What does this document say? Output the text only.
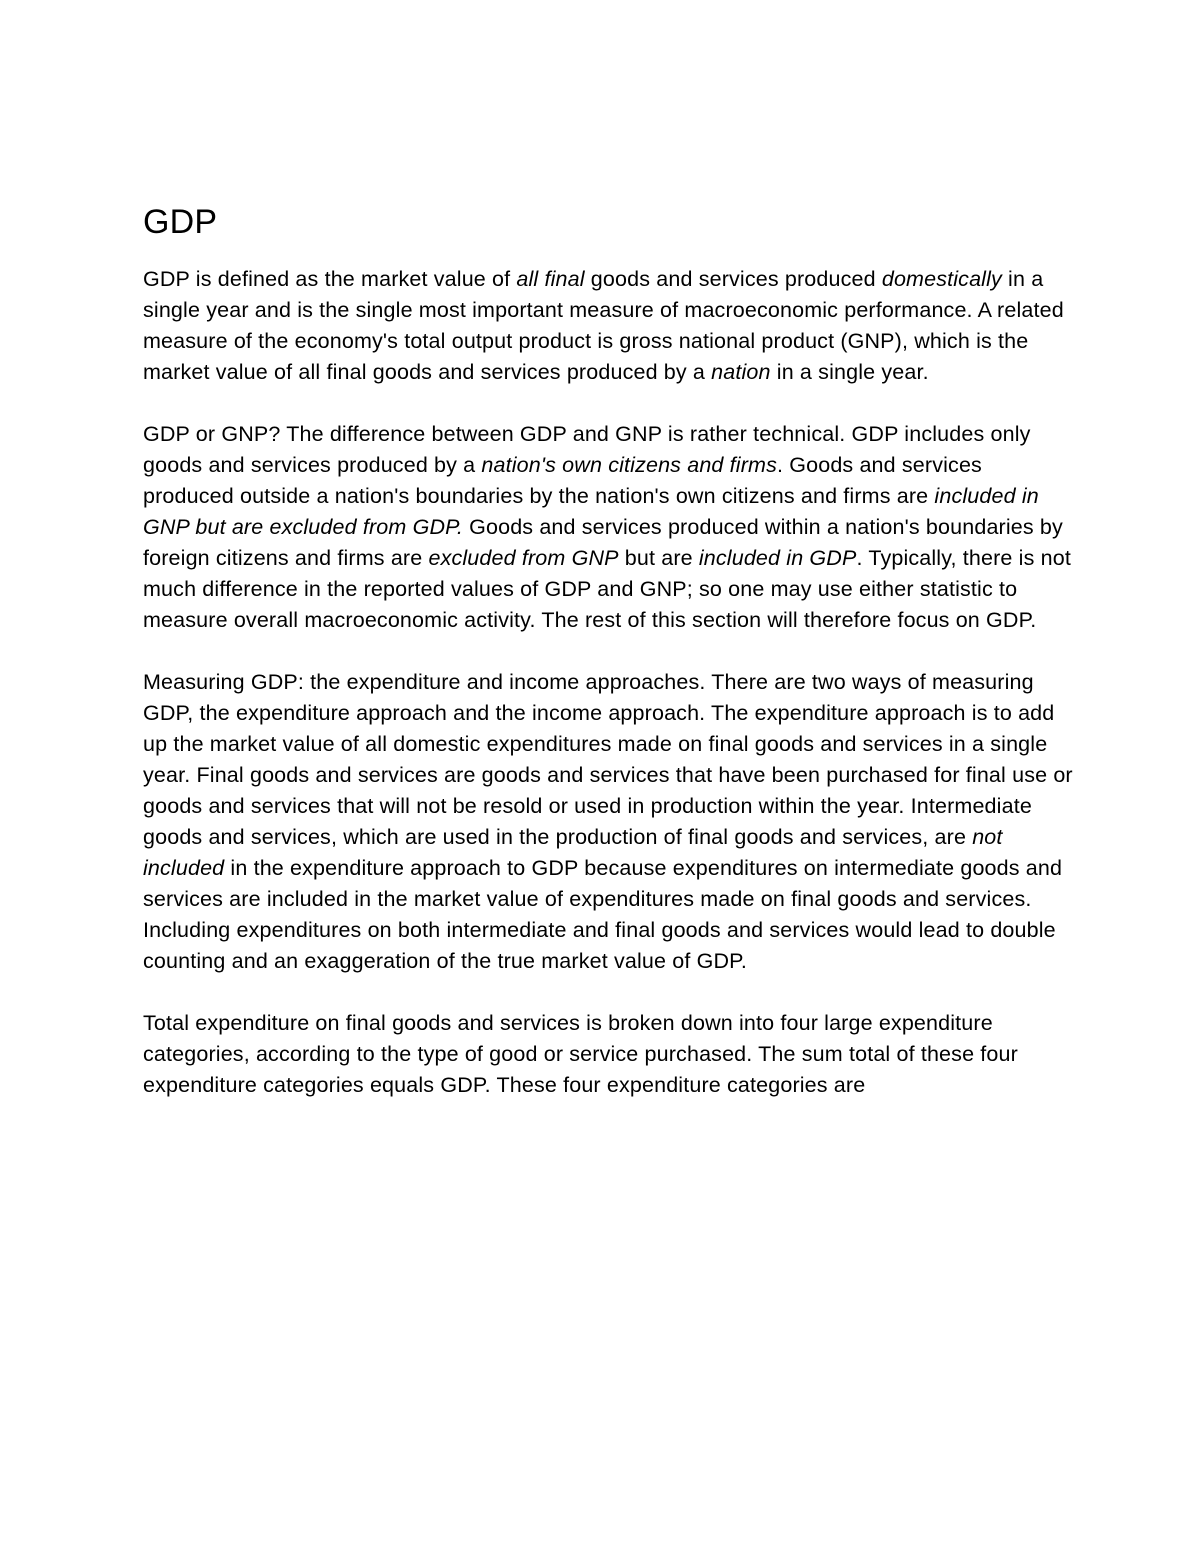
GDP

GDP is defined as the market value of all final goods and services produced domestically in a single year and is the single most important measure of macroeconomic performance. A related measure of the economy's total output product is gross national product (GNP), which is the market value of all final goods and services produced by a nation in a single year.

GDP or GNP? The difference between GDP and GNP is rather technical. GDP includes only goods and services produced by a nation's own citizens and firms. Goods and services produced outside a nation's boundaries by the nation's own citizens and firms are included in GNP but are excluded from GDP. Goods and services produced within a nation's boundaries by foreign citizens and firms are excluded from GNP but are included in GDP. Typically, there is not much difference in the reported values of GDP and GNP; so one may use either statistic to measure overall macroeconomic activity. The rest of this section will therefore focus on GDP.

Measuring GDP: the expenditure and income approaches. There are two ways of measuring GDP, the expenditure approach and the income approach. The expenditure approach is to add up the market value of all domestic expenditures made on final goods and services in a single year. Final goods and services are goods and services that have been purchased for final use or goods and services that will not be resold or used in production within the year. Intermediate goods and services, which are used in the production of final goods and services, are not included in the expenditure approach to GDP because expenditures on intermediate goods and services are included in the market value of expenditures made on final goods and services. Including expenditures on both intermediate and final goods and services would lead to double counting and an exaggeration of the true market value of GDP.

Total expenditure on final goods and services is broken down into four large expenditure categories, according to the type of good or service purchased. The sum total of these four expenditure categories equals GDP. These four expenditure categories are
